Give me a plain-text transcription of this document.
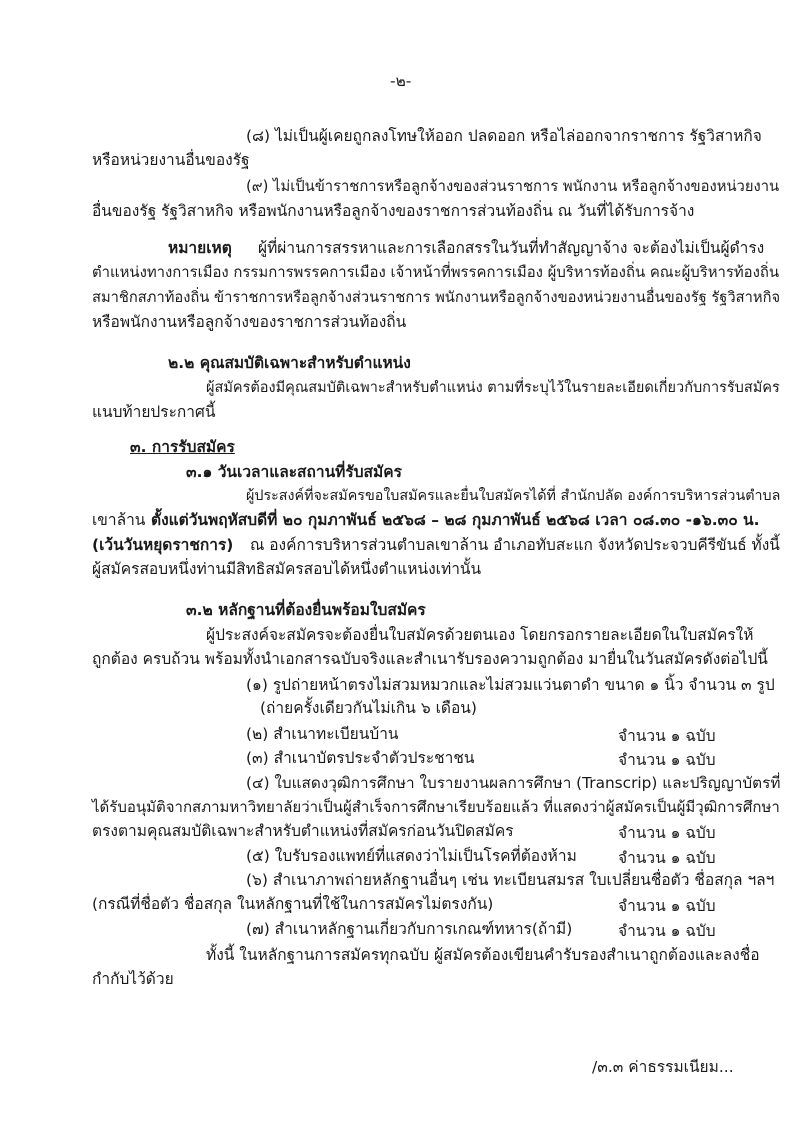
-๒-
(๘) ไม่เป็นผู้เคยถูกลงโทษให้ออก ปลดออก หรือไล่ออกจากราชการ รัฐวิสาหกิจ
หรือหน่วยงานอื่นของรัฐ
(๙) ไม่เป็นข้าราชการหรือลูกจ้างของส่วนราชการ พนักงาน หรือลูกจ้างของหน่วยงาน
อื่นของรัฐ รัฐวิสาหกิจ หรือพนักงานหรือลูกจ้างของราชการส่วนท้องถิ่น ณ วันที่ได้รับการจ้าง
หมายเหตุ ผู้ที่ผ่านการสรรหาและการเลือกสรรในวันที่ทำสัญญาจ้าง จะต้องไม่เป็นผู้ดำรง
ตำแหน่งทางการเมือง กรรมการพรรคการเมือง เจ้าหน้าที่พรรคการเมือง ผู้บริหารท้องถิ่น คณะผู้บริหารท้องถิ่น
สมาชิกสภาท้องถิ่น ข้าราชการหรือลูกจ้างส่วนราชการ พนักงานหรือลูกจ้างของหน่วยงานอื่นของรัฐ รัฐวิสาหกิจ
หรือพนักงานหรือลูกจ้างของราชการส่วนท้องถิ่น
๒.๒ คุณสมบัติเฉพาะสำหรับตำแหน่ง
ผู้สมัครต้องมีคุณสมบัติเฉพาะสำหรับตำแหน่ง ตามที่ระบุไว้ในรายละเอียดเกี่ยวกับการรับสมัคร
แนบท้ายประกาศนี้
๓. การรับสมัคร
๓.๑ วันเวลาและสถานที่รับสมัคร
ผู้ประสงค์ที่จะสมัครขอใบสมัครและยื่นใบสมัครได้ที่ สำนักปลัด องค์การบริหารส่วนตำบล
เขาล้าน ตั้งแต่วันพฤหัสบดีที่ ๒๐ กุมภาพันธ์ ๒๕๖๘ – ๒๘ กุมภาพันธ์ ๒๕๖๘ เวลา ๐๘.๓๐ -๑๖.๓๐ น.
(เว้นวันหยุดราชการ) ณ องค์การบริหารส่วนตำบลเขาล้าน อำเภอทับสะแก จังหวัดประจวบคีรีขันธ์ ทั้งนี้
ผู้สมัครสอบหนึ่งท่านมีสิทธิสมัครสอบได้หนึ่งตำแหน่งเท่านั้น
๓.๒ หลักฐานที่ต้องยื่นพร้อมใบสมัคร
ผู้ประสงค์จะสมัครจะต้องยื่นใบสมัครด้วยตนเอง โดยกรอกรายละเอียดในใบสมัครให้
ถูกต้อง ครบถ้วน พร้อมทั้งนำเอกสารฉบับจริงและสำเนารับรองความถูกต้อง มายื่นในวันสมัครดังต่อไปนี้
(๑) รูปถ่ายหน้าตรงไม่สวมหมวกและไม่สวมแว่นตาดำ ขนาด ๑ นิ้ว จำนวน ๓ รูป
(ถ่ายครั้งเดียวกันไม่เกิน ๖ เดือน)
(๒) สำเนาทะเบียนบ้าน	จำนวน ๑ ฉบับ
(๓) สำเนาบัตรประจำตัวประชาชน	จำนวน ๑ ฉบับ
(๔) ใบแสดงวุฒิการศึกษา ใบรายงานผลการศึกษา (Transcrip) และปริญญาบัตรที่
ได้รับอนุมัติจากสภามหาวิทยาลัยว่าเป็นผู้สำเร็จการศึกษาเรียบร้อยแล้ว ที่แสดงว่าผู้สมัครเป็นผู้มีวุฒิการศึกษา
ตรงตามคุณสมบัติเฉพาะสำหรับตำแหน่งที่สมัครก่อนวันปิดสมัคร	จำนวน ๑ ฉบับ
(๕) ใบรับรองแพทย์ที่แสดงว่าไม่เป็นโรคที่ต้องห้าม	จำนวน ๑ ฉบับ
(๖) สำเนาภาพถ่ายหลักฐานอื่นๆ เช่น ทะเบียนสมรส ใบเปลี่ยนชื่อตัว ชื่อสกุล ฯลฯ
(กรณีที่ชื่อตัว ชื่อสกุล ในหลักฐานที่ใช้ในการสมัครไม่ตรงกัน)	จำนวน ๑ ฉบับ
(๗) สำเนาหลักฐานเกี่ยวกับการเกณฑ์ทหาร(ถ้ามี)	จำนวน ๑ ฉบับ
ทั้งนี้ ในหลักฐานการสมัครทุกฉบับ ผู้สมัครต้องเขียนคำรับรองสำเนาถูกต้องและลงชื่อ
กำกับไว้ด้วย
/๓.๓ ค่าธรรมเนียม...
